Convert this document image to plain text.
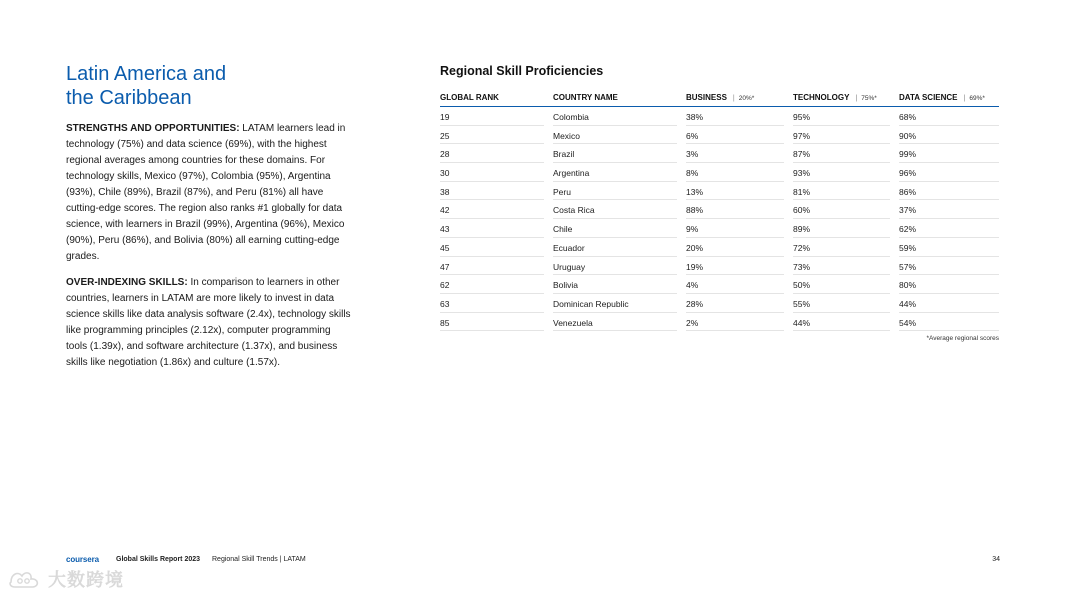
Latin America and
the Caribbean
STRENGTHS AND OPPORTUNITIES: LATAM learners lead in technology (75%) and data science (69%), with the highest regional averages among countries for these domains. For technology skills, Mexico (97%), Colombia (95%), Argentina (93%), Chile (89%), Brazil (87%), and Peru (81%) all have cutting-edge scores. The region also ranks #1 globally for data science, with learners in Brazil (99%), Argentina (96%), Mexico (90%), Peru (86%), and Bolivia (80%) all earning cutting-edge grades.
OVER-INDEXING SKILLS: In comparison to learners in other countries, learners in LATAM are more likely to invest in data science skills like data analysis software (2.4x), technology skills like programming principles (2.12x), computer programming tools (1.39x), and software architecture (1.37x), and business skills like negotiation (1.86x) and culture (1.57x).
Regional Skill Proficiencies
GLOBAL RANK	COUNTRY NAME	BUSINESS | 20%*	TECHNOLOGY | 75%*	DATA SCIENCE | 69%*
19	Colombia	38%	95%	68%
25	Mexico	6%	97%	90%
28	Brazil	3%	87%	99%
30	Argentina	8%	93%	96%
38	Peru	13%	81%	86%
42	Costa Rica	88%	60%	37%
43	Chile	9%	89%	62%
45	Ecuador	20%	72%	59%
47	Uruguay	19%	73%	57%
62	Bolivia	4%	50%	80%
63	Dominican Republic	28%	55%	44%
85	Venezuela	2%	44%	54%
*Average regional scores
coursera Global Skills Report 2023 Regional Skill Trends | LATAM	34
大数跨境
